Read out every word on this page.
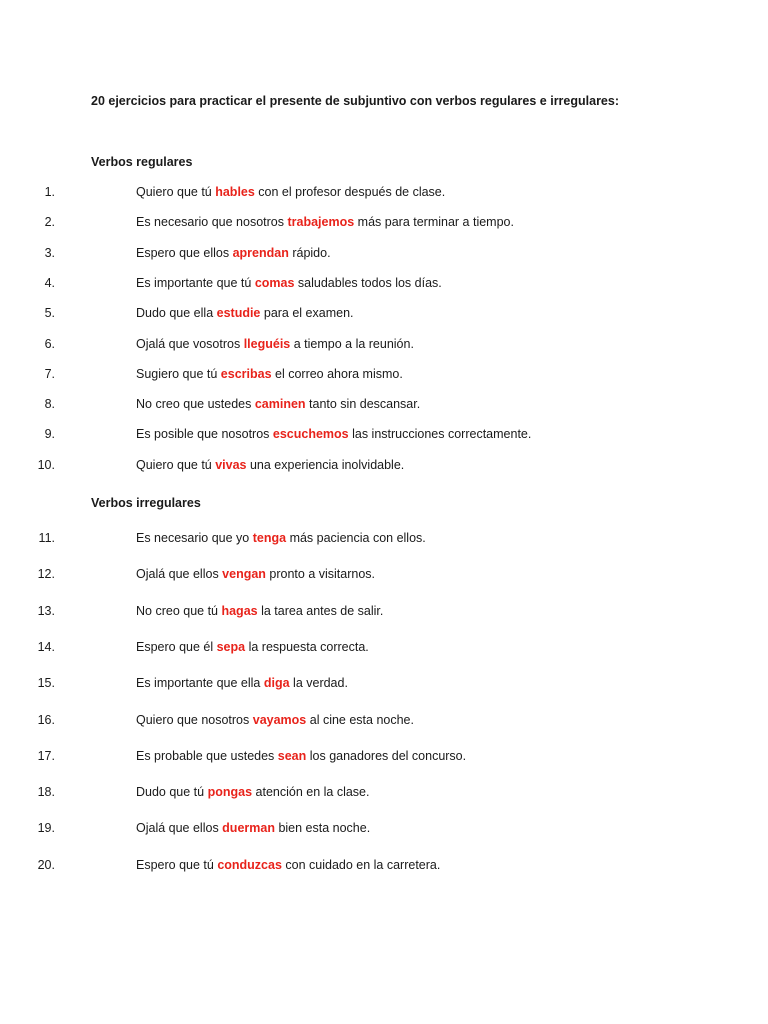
20 ejercicios para practicar el presente de subjuntivo con verbos regulares e irregulares:
Verbos regulares
1.	Quiero que tú hables con el profesor después de clase.
2.	Es necesario que nosotros trabajemos más para terminar a tiempo.
3.	Espero que ellos aprendan rápido.
4.	Es importante que tú comas saludables todos los días.
5.	Dudo que ella estudie para el examen.
6.	Ojalá que vosotros lleguéis a tiempo a la reunión.
7.	Sugiero que tú escribas el correo ahora mismo.
8.	No creo que ustedes caminen tanto sin descansar.
9.	Es posible que nosotros escuchemos las instrucciones correctamente.
10.	Quiero que tú vivas una experiencia inolvidable.
Verbos irregulares
11.	Es necesario que yo tenga más paciencia con ellos.
12.	Ojalá que ellos vengan pronto a visitarnos.
13.	No creo que tú hagas la tarea antes de salir.
14.	Espero que él sepa la respuesta correcta.
15.	Es importante que ella diga la verdad.
16.	Quiero que nosotros vayamos al cine esta noche.
17.	Es probable que ustedes sean los ganadores del concurso.
18.	Dudo que tú pongas atención en la clase.
19.	Ojalá que ellos duerman bien esta noche.
20.	Espero que tú conduzcas con cuidado en la carretera.
